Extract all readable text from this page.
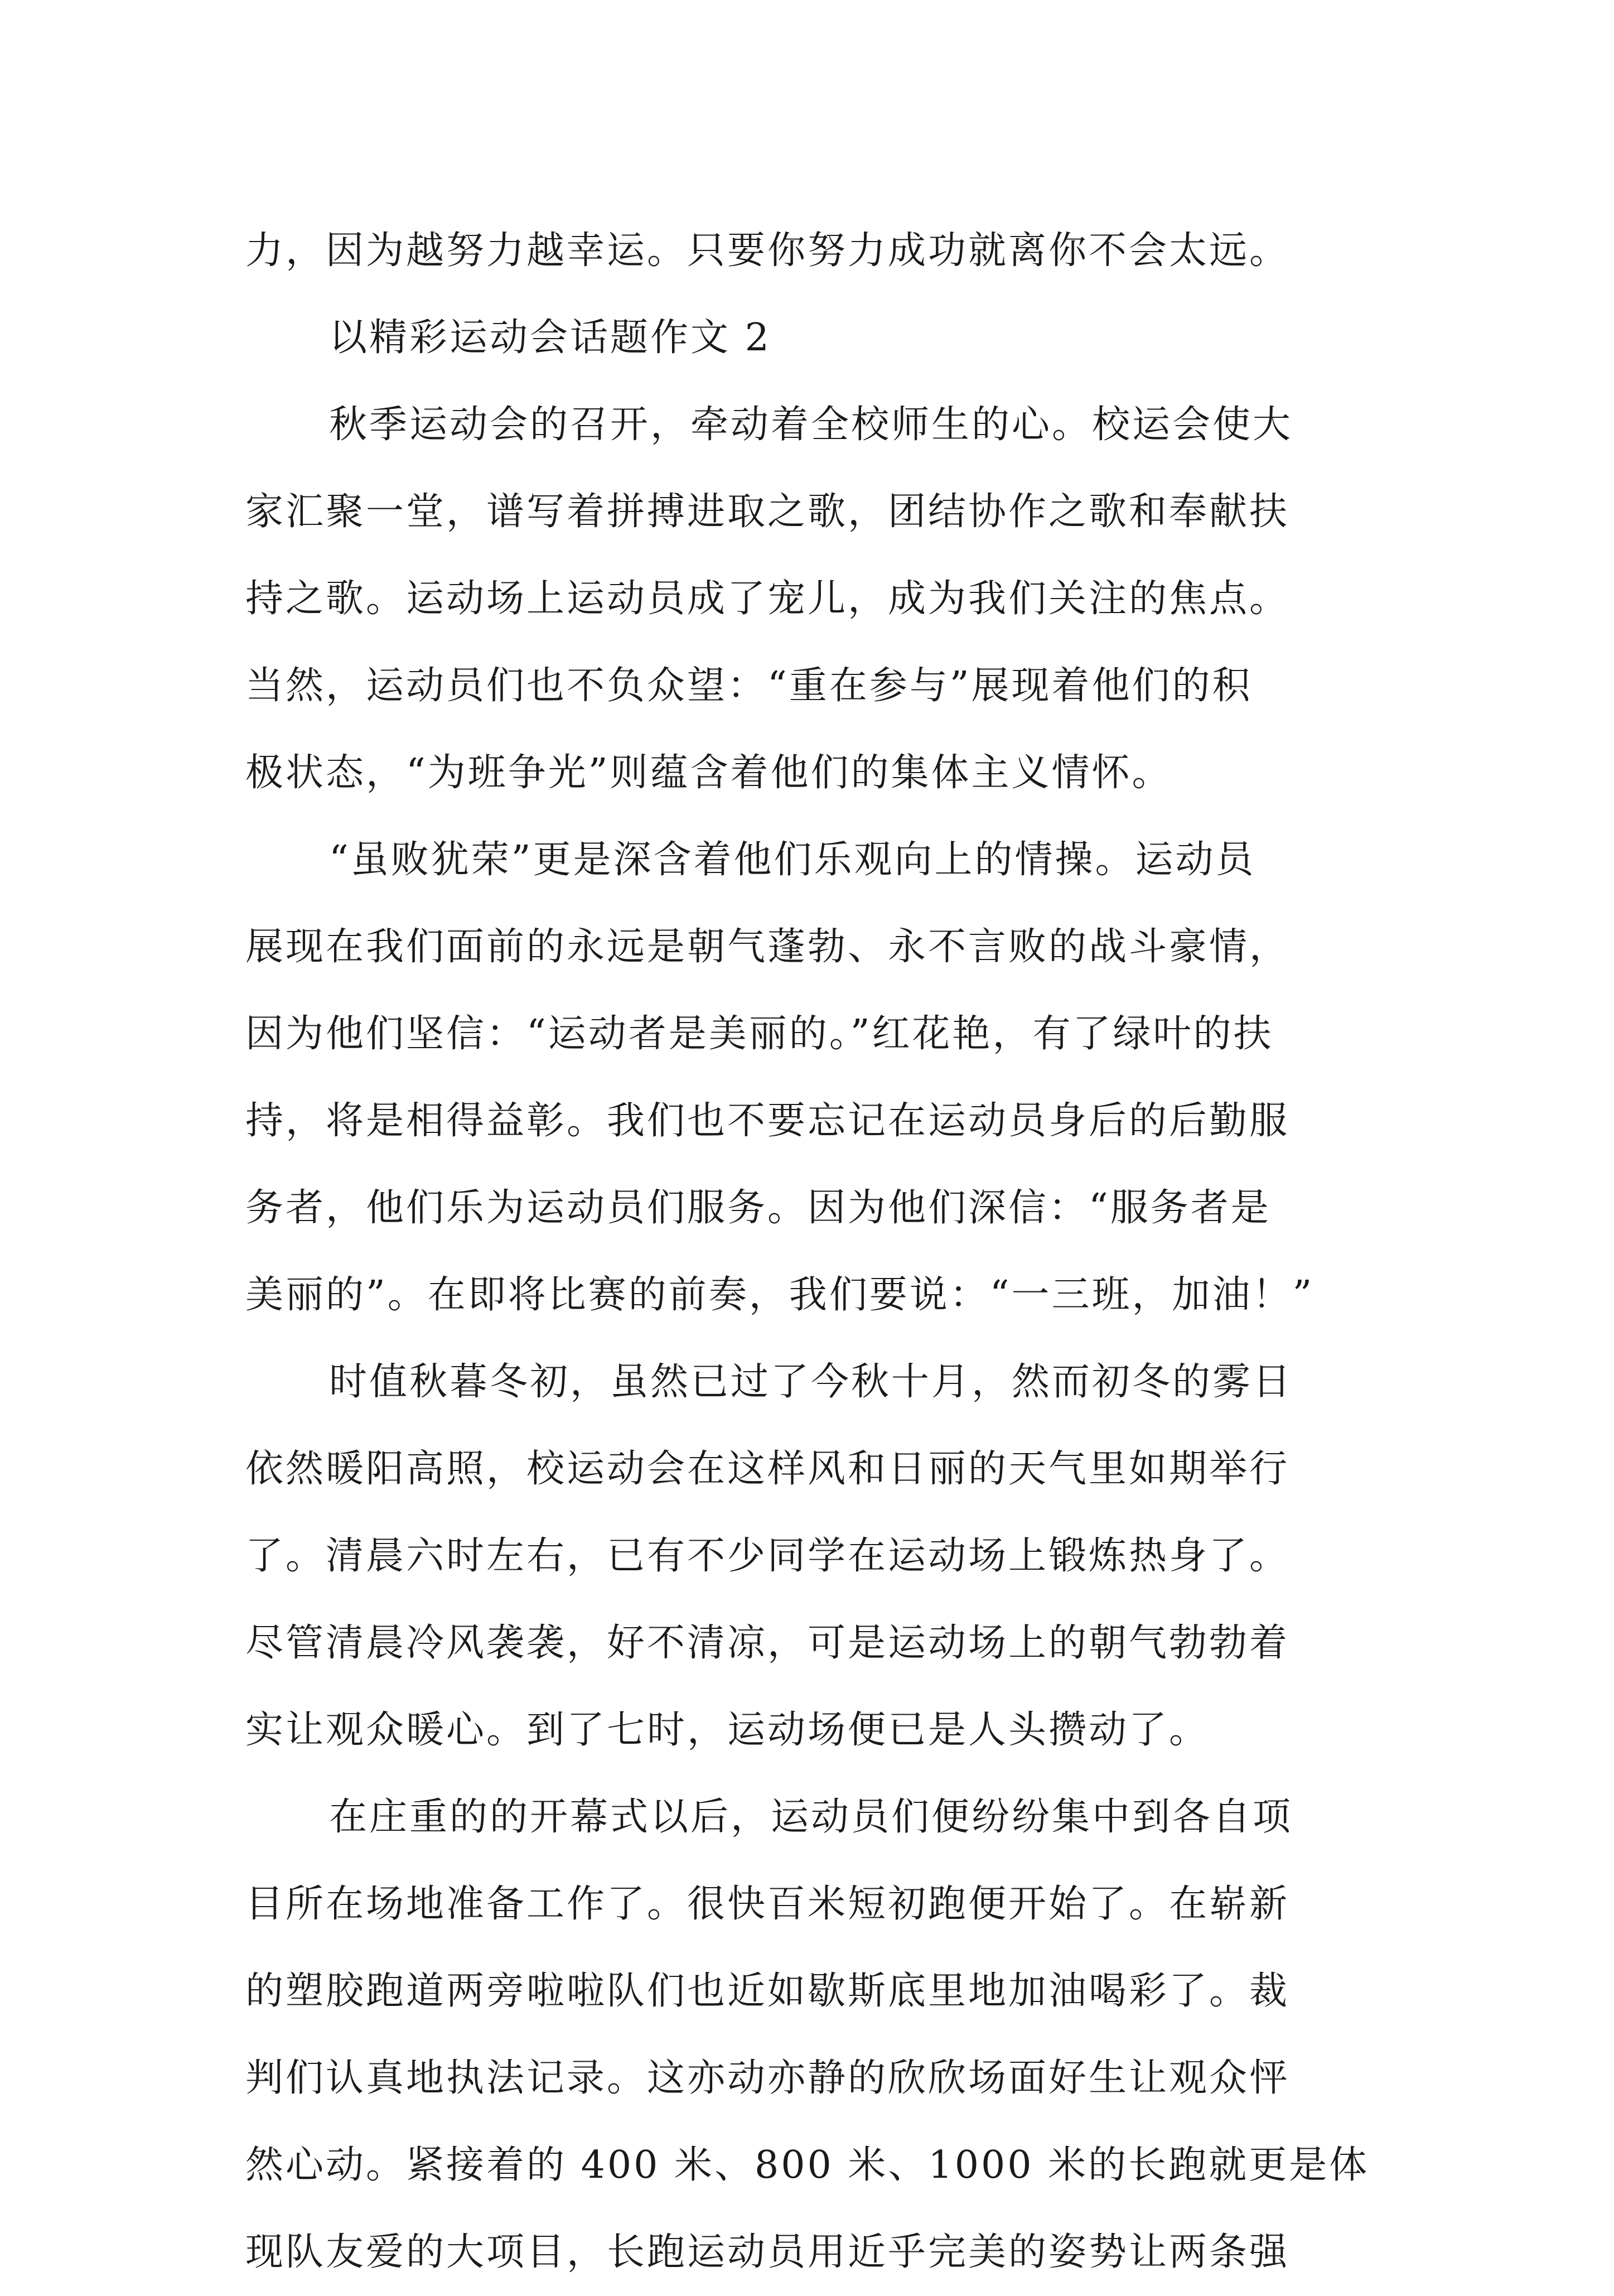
力，因为越努力越幸运。只要你努力成功就离你不会太远。
以精彩运动会话题作文 2
秋季运动会的召开，牵动着全校师生的心。校运会使大
家汇聚一堂，谱写着拼搏进取之歌，团结协作之歌和奉献扶
持之歌。运动场上运动员成了宠儿，成为我们关注的焦点。
当然，运动员们也不负众望：“重在参与”展现着他们的积
极状态，“为班争光”则蕴含着他们的集体主义情怀。
“虽败犹荣”更是深含着他们乐观向上的情操。运动员
展现在我们面前的永远是朝气蓬勃、永不言败的战斗豪情，
因为他们坚信：“运动者是美丽的。”红花艳，有了绿叶的扶
持，将是相得益彰。我们也不要忘记在运动员身后的后勤服
务者，他们乐为运动员们服务。因为他们深信：“服务者是
美丽的”。在即将比赛的前奏，我们要说：“一三班，加油！”
时值秋暮冬初，虽然已过了今秋十月，然而初冬的雾日
依然暖阳高照，校运动会在这样风和日丽的天气里如期举行
了。清晨六时左右，已有不少同学在运动场上锻炼热身了。
尽管清晨冷风袭袭，好不清凉，可是运动场上的朝气勃勃着
实让观众暖心。到了七时，运动场便已是人头攒动了。
在庄重的的开幕式以后，运动员们便纷纷集中到各自项
目所在场地准备工作了。很快百米短初跑便开始了。在崭新
的塑胶跑道两旁啦啦队们也近如歇斯底里地加油喝彩了。裁
判们认真地执法记录。这亦动亦静的欣欣场面好生让观众怦
然心动。紧接着的 400 米、800 米、1000 米的长跑就更是体
现队友爱的大项目，长跑运动员用近乎完美的姿势让两条强
